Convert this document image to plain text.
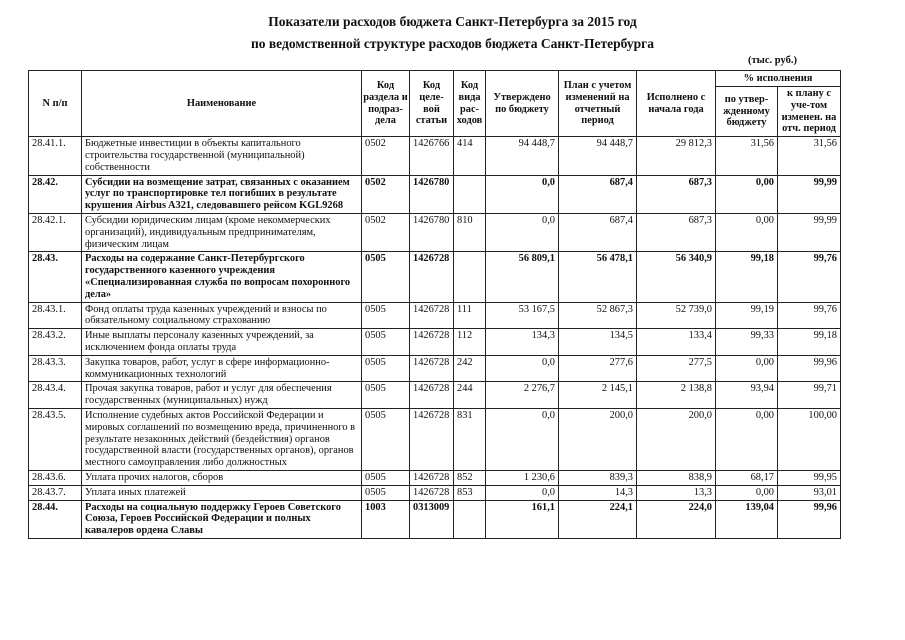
Показатели расходов бюджета Санкт-Петербурга за 2015 год
по ведомственной структуре расходов бюджета Санкт-Петербурга
(тыс. руб.)
N п/п	Наименование	Код раздела и подраз-дела	Код целе-вой статьи	Код вида рас-ходов	Утверждено по бюджету	План с учетом изменений на отчетный период	Исполнено с начала года	% исполнения	
								по утвер-жденному бюджету	к плану с уче-том изменен. на отч. период
28.41.1.	Бюджетные инвестиции в объекты капитального строительства государственной (муниципальной) собственности	0502	1426766	414	94 448,7	94 448,7	29 812,3	31,56	31,56
28.42.	Субсидии на возмещение затрат, связанных с оказанием услуг по транспортировке тел погибших в результате крушения Airbus A321, следовавшего рейсом KGL9268	0502	1426780		0,0	687,4	687,3	0,00	99,99
28.42.1.	Субсидии юридическим лицам (кроме некоммерческих организаций), индивидуальным предпринимателям, физическим лицам	0502	1426780	810	0,0	687,4	687,3	0,00	99,99
28.43.	Расходы на содержание Санкт-Петербургского государственного казенного учреждения «Специализированная служба по вопросам похоронного дела»	0505	1426728		56 809,1	56 478,1	56 340,9	99,18	99,76
28.43.1.	Фонд оплаты труда казенных учреждений и взносы по обязательному социальному страхованию	0505	1426728	111	53 167,5	52 867,3	52 739,0	99,19	99,76
28.43.2.	Иные выплаты персоналу казенных учреждений, за исключением фонда оплаты труда	0505	1426728	112	134,3	134,5	133,4	99,33	99,18
28.43.3.	Закупка товаров, работ, услуг в сфере информационно-коммуникационных технологий	0505	1426728	242	0,0	277,6	277,5	0,00	99,96
28.43.4.	Прочая закупка товаров, работ и услуг для обеспечения государственных (муниципальных) нужд	0505	1426728	244	2 276,7	2 145,1	2 138,8	93,94	99,71
28.43.5.	Исполнение судебных актов Российской Федерации и мировых соглашений по возмещению вреда, причиненного в результате незаконных действий (бездействия) органов государственной власти (государственных органов), органов местного самоуправления либо должностных	0505	1426728	831	0,0	200,0	200,0	0,00	100,00
28.43.6.	Уплата прочих налогов, сборов	0505	1426728	852	1 230,6	839,3	838,9	68,17	99,95
28.43.7.	Уплата иных платежей	0505	1426728	853	0,0	14,3	13,3	0,00	93,01
28.44.	Расходы на социальную поддержку Героев Советского Союза, Героев Российской Федерации и полных кавалеров ордена Славы	1003	0313009		161,1	224,1	224,0	139,04	99,96
